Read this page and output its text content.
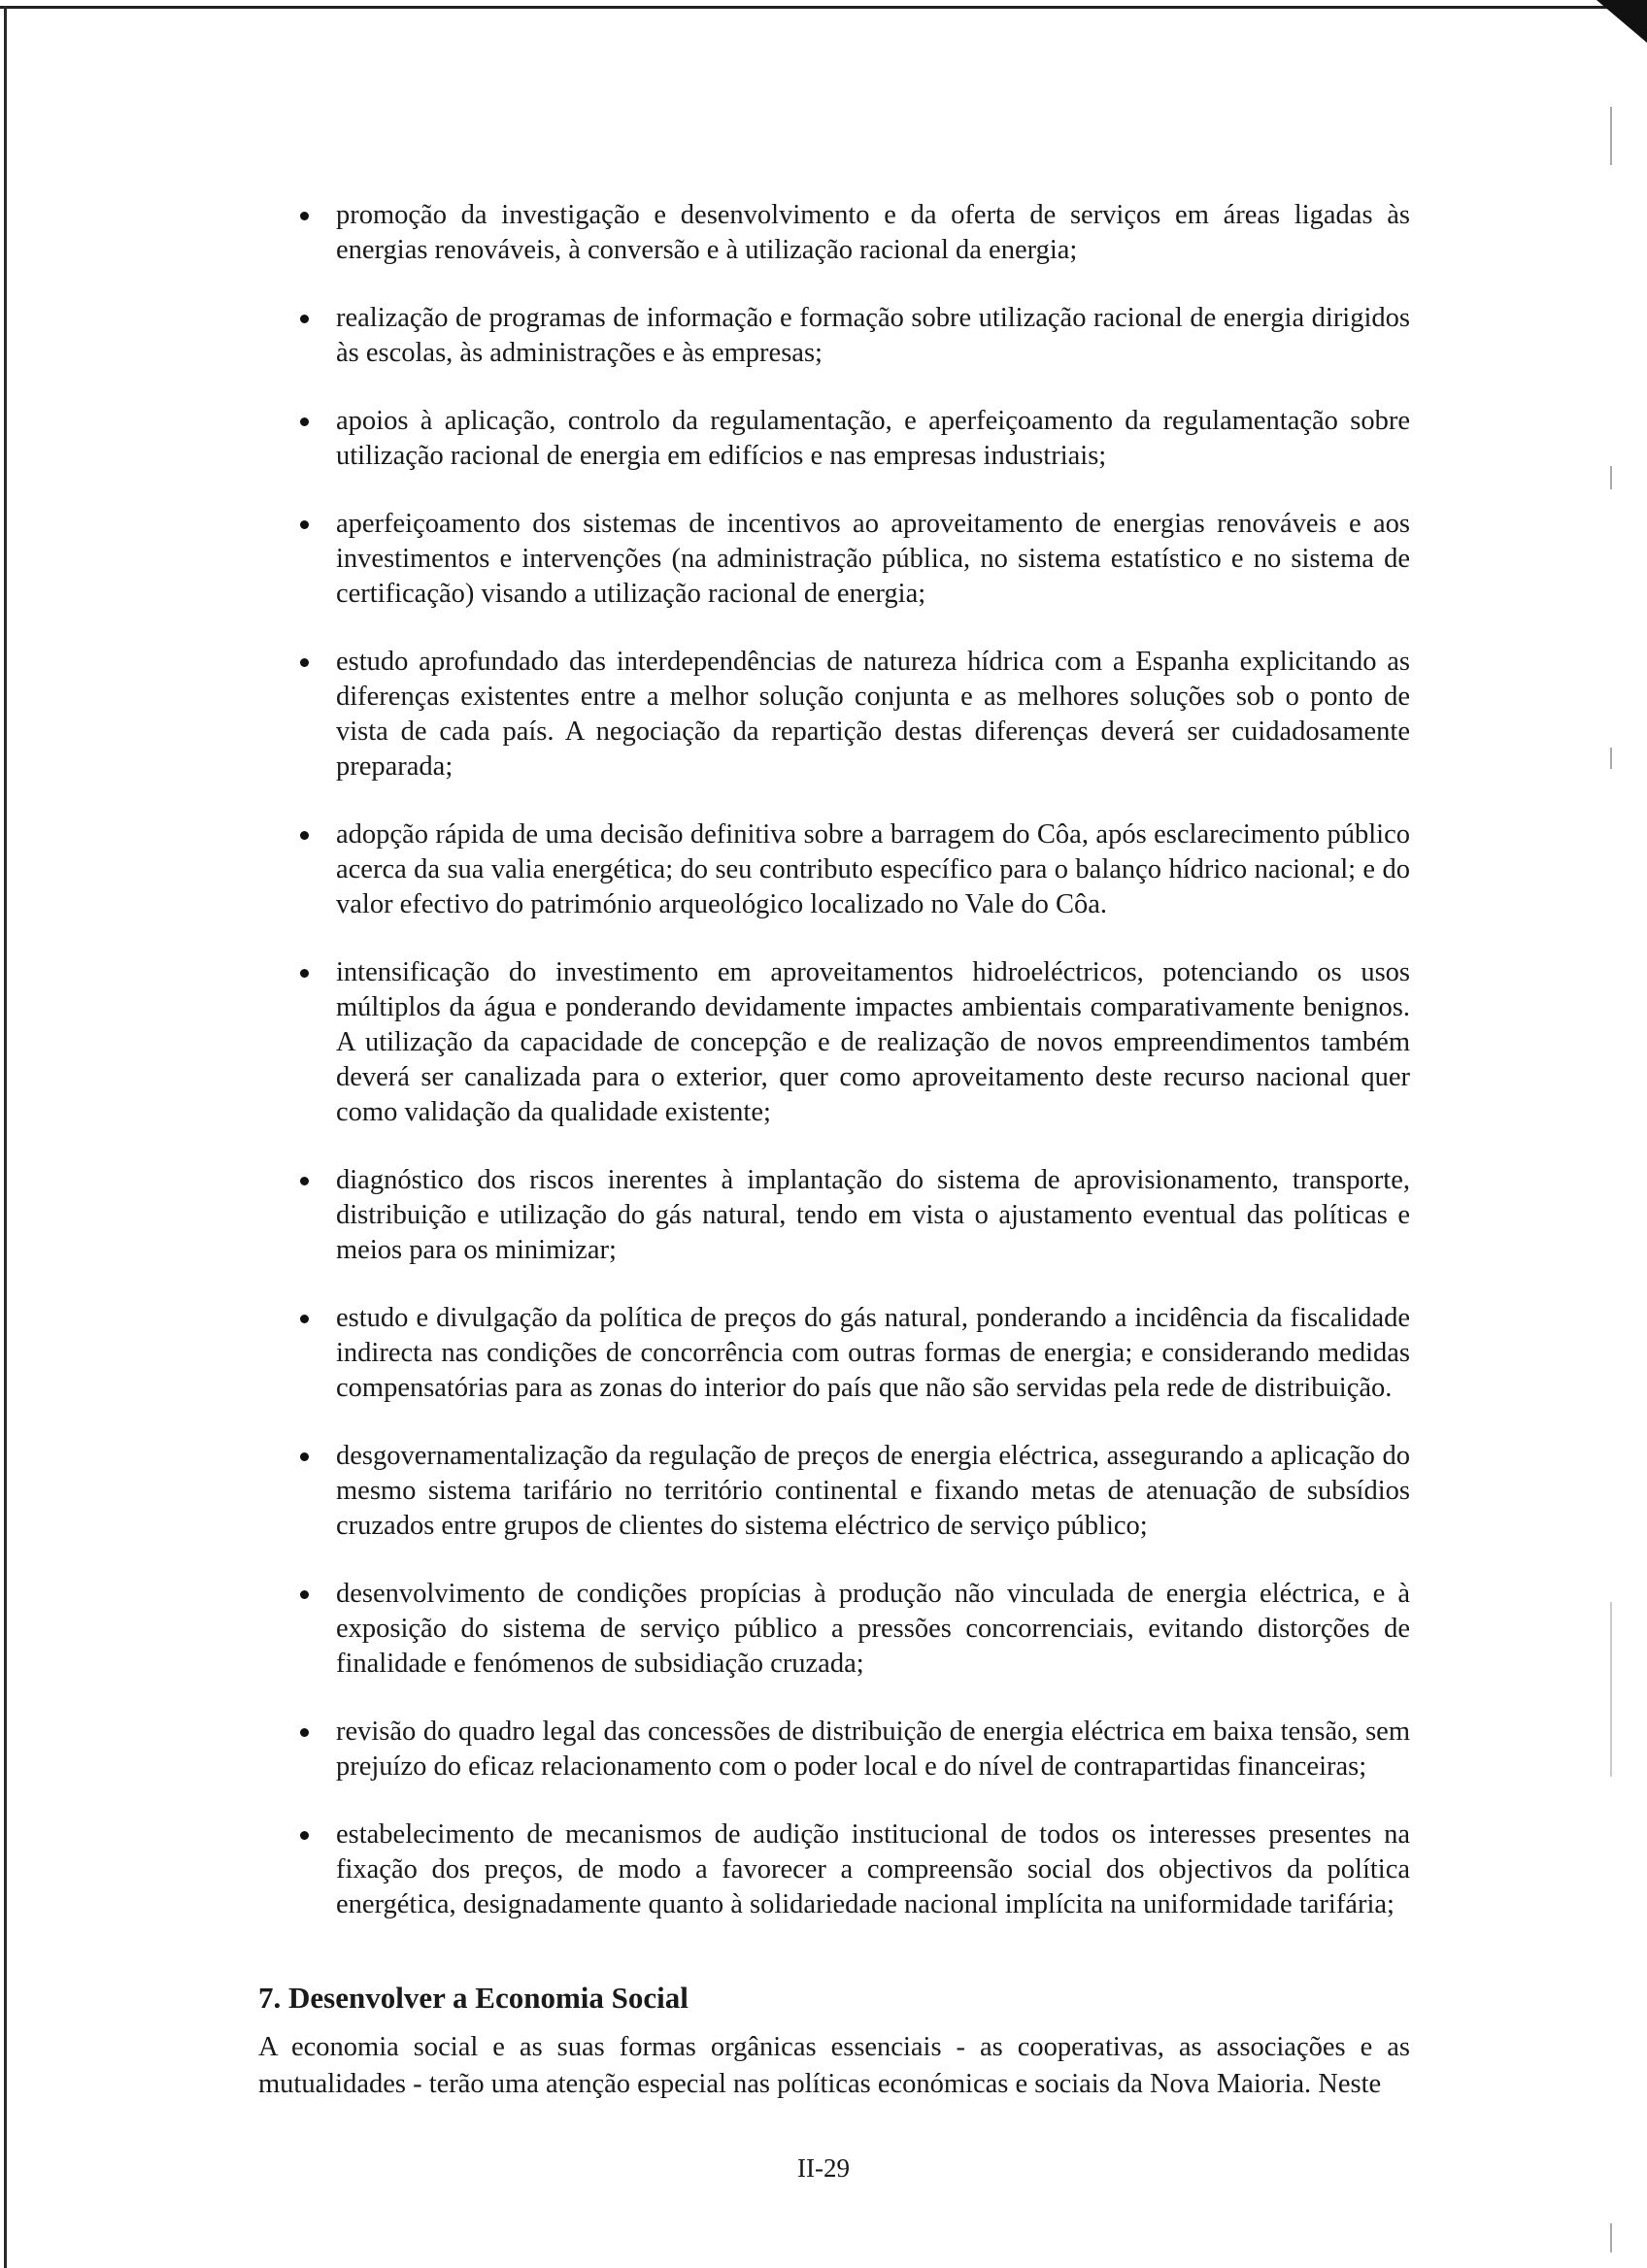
promoção da investigação e desenvolvimento e da oferta de serviços em áreas ligadas às energias renováveis, à conversão e à utilização racional da energia;
realização de programas de informação e formação sobre utilização racional de energia dirigidos às escolas, às administrações e às empresas;
apoios à aplicação, controlo da regulamentação, e aperfeiçoamento da regulamentação sobre utilização racional de energia em edifícios e nas empresas industriais;
aperfeiçoamento dos sistemas de incentivos ao aproveitamento de energias renováveis e aos investimentos e intervenções (na administração pública, no sistema estatístico e no sistema de certificação) visando a utilização racional de energia;
estudo aprofundado das interdependências de natureza hídrica com a Espanha explicitando as diferenças existentes entre a melhor solução conjunta e as melhores soluções sob o ponto de vista de cada país. A negociação da repartição destas diferenças deverá ser cuidadosamente preparada;
adopção rápida de uma decisão definitiva sobre a barragem do Côa, após esclarecimento público acerca da sua valia energética; do seu contributo específico para o balanço hídrico nacional; e do valor efectivo do património arqueológico localizado no Vale do Côa.
intensificação do investimento em aproveitamentos hidroeléctricos, potenciando os usos múltiplos da água e ponderando devidamente impactes ambientais comparativamente benignos. A utilização da capacidade de concepção e de realização de novos empreendimentos também deverá ser canalizada para o exterior, quer como aproveitamento deste recurso nacional quer como validação da qualidade existente;
diagnóstico dos riscos inerentes à implantação do sistema de aprovisionamento, transporte, distribuição e utilização do gás natural, tendo em vista o ajustamento eventual das políticas e meios para os minimizar;
estudo e divulgação da política de preços do gás natural, ponderando a incidência da fiscalidade indirecta nas condições de concorrência com outras formas de energia; e considerando medidas compensatórias para as zonas do interior do país que não são servidas pela rede de distribuição.
desgovernamentalização da regulação de preços de energia eléctrica, assegurando a aplicação do mesmo sistema tarifário no território continental e fixando metas de atenuação de subsídios cruzados entre grupos de clientes do sistema eléctrico de serviço público;
desenvolvimento de condições propícias à produção não vinculada de energia eléctrica, e à exposição do sistema de serviço público a pressões concorrenciais, evitando distorções de finalidade e fenómenos de subsidiação cruzada;
revisão do quadro legal das concessões de distribuição de energia eléctrica em baixa tensão, sem prejuízo do eficaz relacionamento com o poder local e do nível de contrapartidas financeiras;
estabelecimento de mecanismos de audição institucional de todos os interesses presentes na fixação dos preços, de modo a favorecer a compreensão social dos objectivos da política energética, designadamente quanto à solidariedade nacional implícita na uniformidade tarifária;
7. Desenvolver a Economia Social

A economia social e as suas formas orgânicas essenciais - as cooperativas, as associações e as mutualidades - terão uma atenção especial nas políticas económicas e sociais da Nova Maioria. Neste

II-29
